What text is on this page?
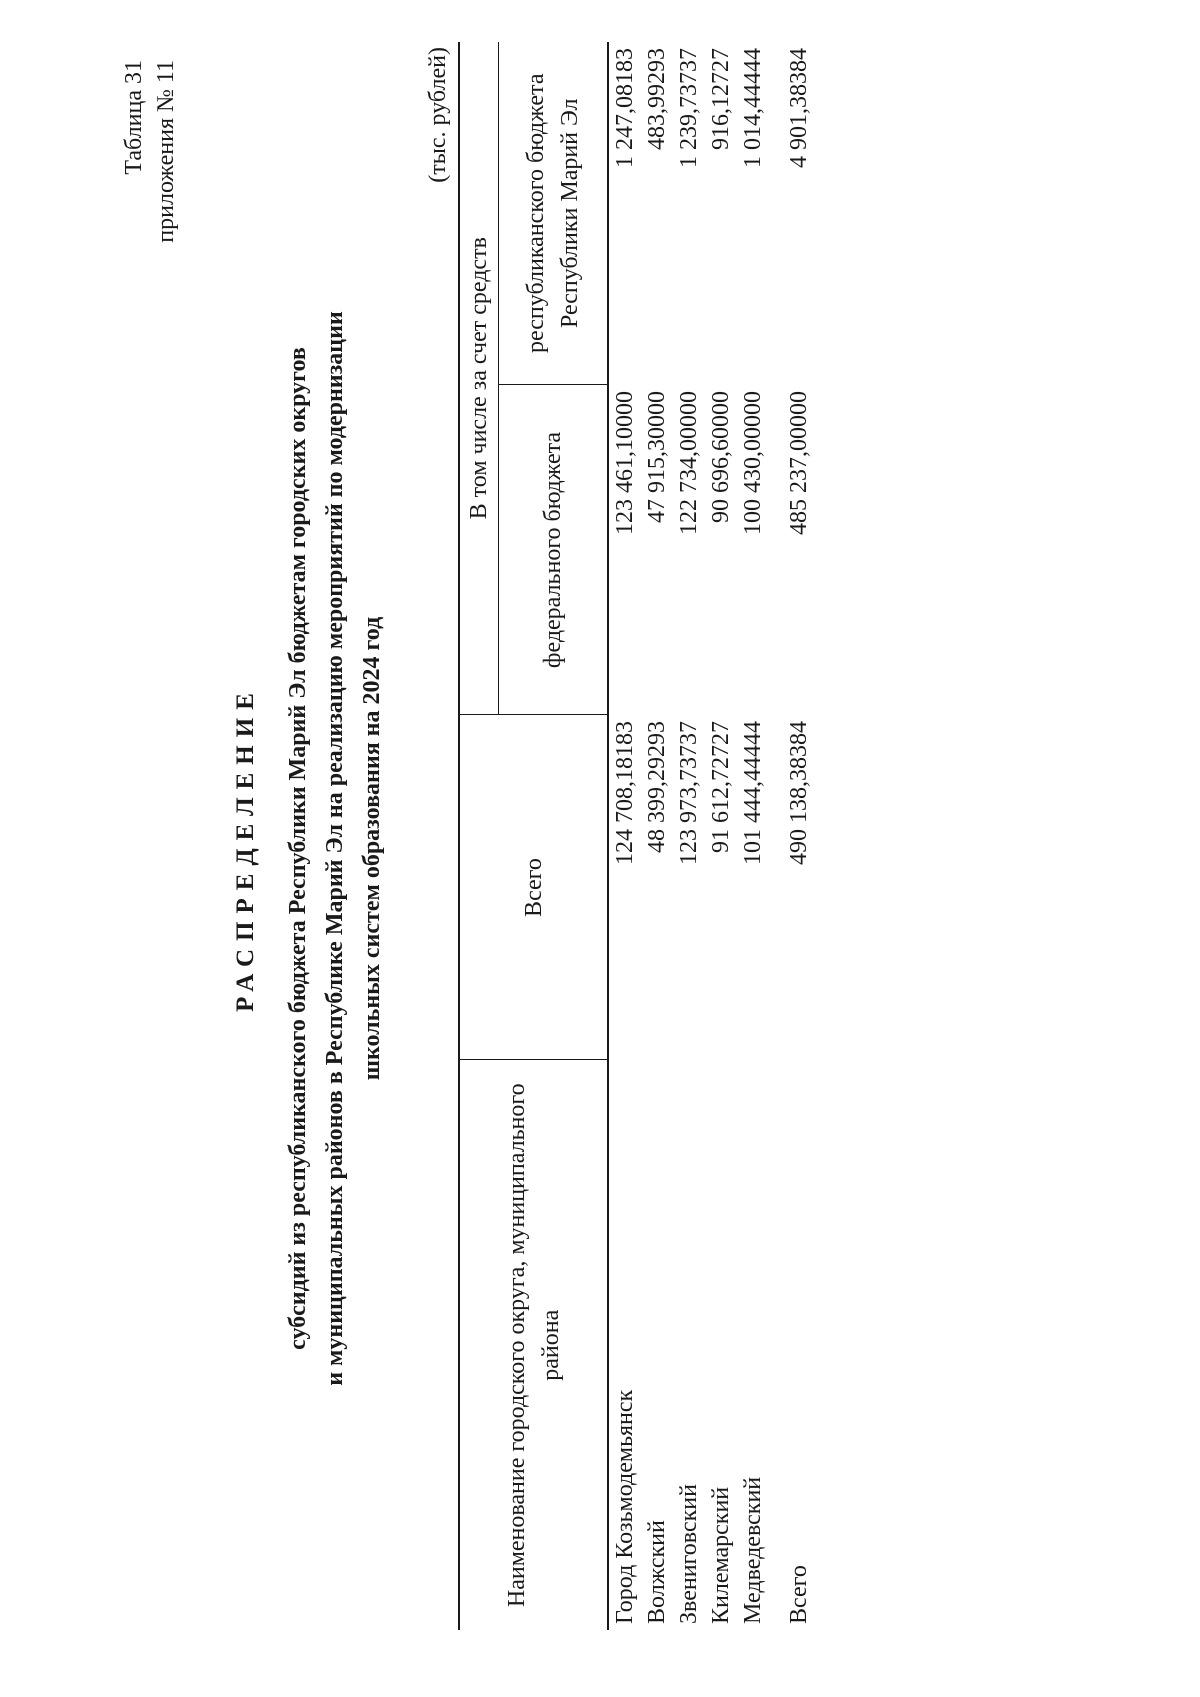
Таблица 31 приложения № 11
РАСПРЕДЕЛЕНИЕ субсидий из республиканского бюджета Республики Марий Эл бюджетам городских округов и муниципальных районов в Республике Марий Эл на реализацию мероприятий по модернизации школьных систем образования на 2024 год
(тыс. рублей)
Наименование городского округа, муниципального района	Всего	В том числе за счет средств	
		федерального бюджета	республиканского бюджета Республики Марий Эл
Город Козьмодемьянск	124 708,18183	123 461,10000	1 247,08183
Волжский	48 399,29293	47 915,30000	483,99293
Звениговский	123 973,73737	122 734,00000	1 239,73737
Килемарский	91 612,72727	90 696,60000	916,12727
Медведевский	101 444,44444	100 430,00000	1 014,44444
Всего	490 138,38384	485 237,00000	4 901,38384
